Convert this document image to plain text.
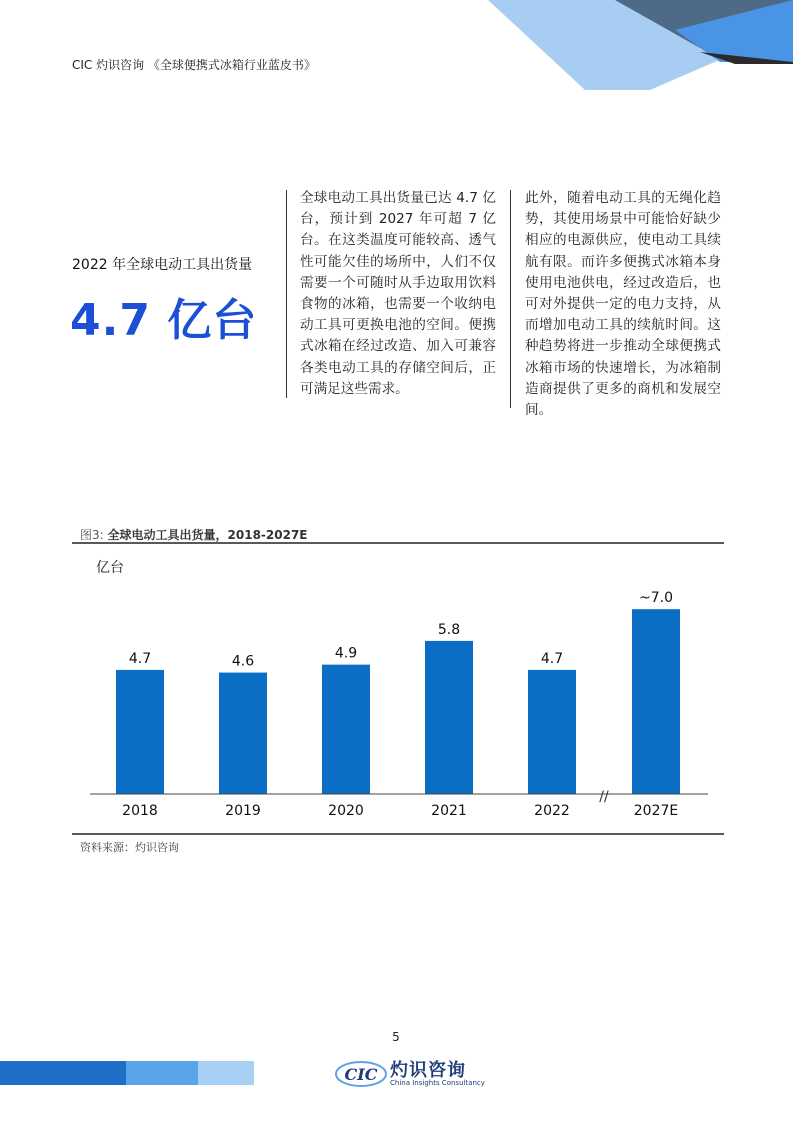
CIC 灼识咨询 《全球便携式冰箱行业蓝皮书》
2022 年全球电动工具出货量
4.7 亿台
全球电动工具出货量已达 4.7 亿台，预计到 2027 年可超 7 亿台。在这类温度可能较高、透气性可能欠佳的场所中，人们不仅需要一个可随时从手边取用饮料食物的冰箱，也需要一个收纳电动工具可更换电池的空间。便携式冰箱在经过改造、加入可兼容各类电动工具的存储空间后，正可满足这些需求。
此外，随着电动工具的无绳化趋势，其使用场景中可能恰好缺少相应的电源供应，使电动工具续航有限。而许多便携式冰箱本身使用电池供电，经过改造后，也可对外提供一定的电力支持，从而增加电动工具的续航时间。这种趋势将进一步推动全球便携式冰箱市场的快速增长，为冰箱制造商提供了更多的商机和发展空间。
图3: 全球电动工具出货量，2018-2027E
亿台
4.7
2018
4.6
2019
4.9
2020
5.8
2021
4.7
2022
~7.0
2027E
//
资料来源：灼识咨询
5
CIC 灼识咨询
China Insights Consultancy
